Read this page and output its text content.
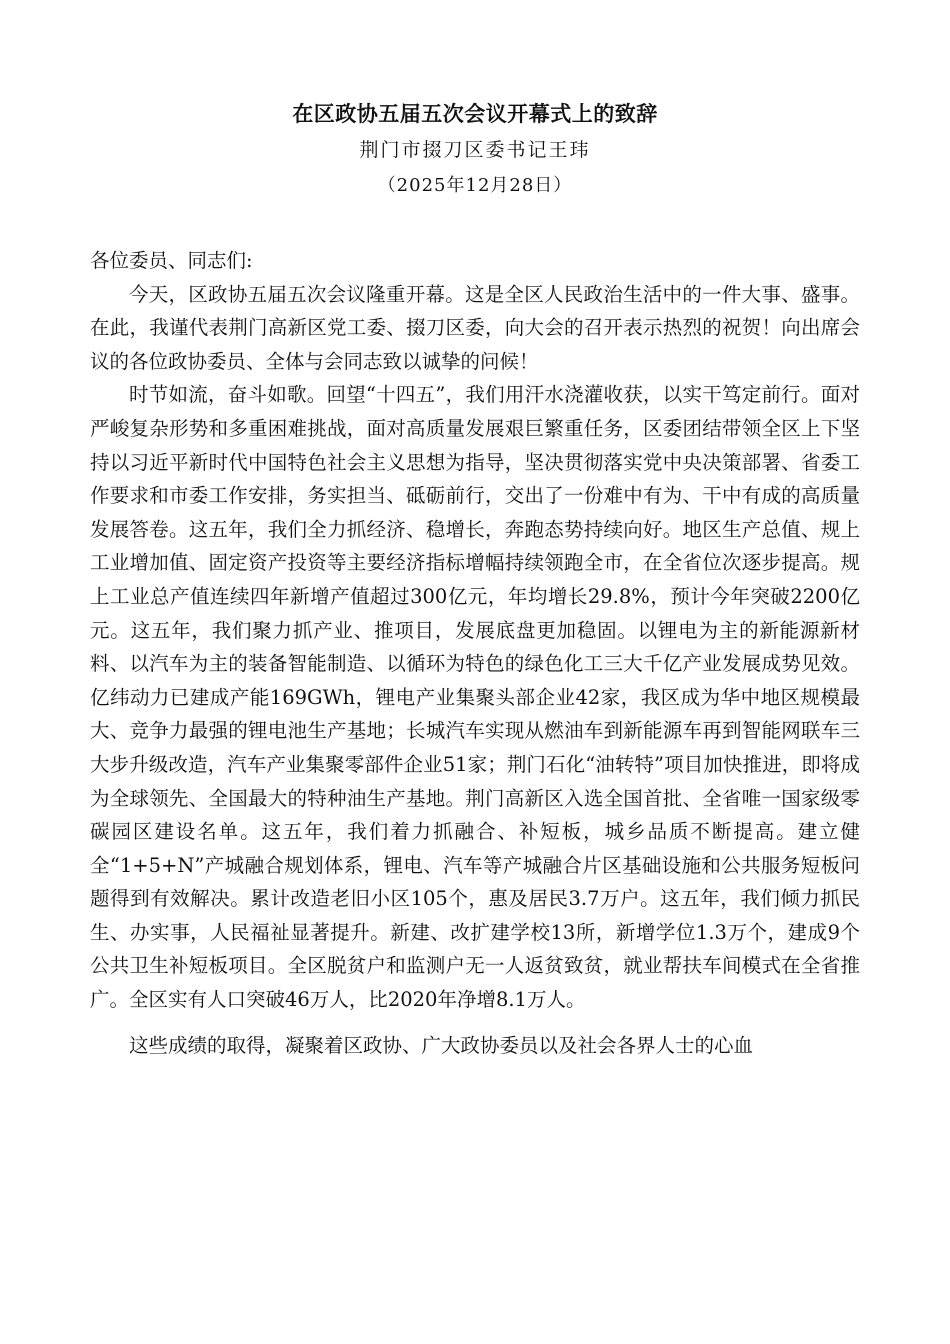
在区政协五届五次会议开幕式上的致辞
荆门市掇刀区委书记王玮
（2025年12月28日）

各位委员、同志们:

今天，区政协五届五次会议隆重开幕。这是全区人民政治生活中的一件大事、盛事。在此，我谨代表荆门高新区党工委、掇刀区委，向大会的召开表示热烈的祝贺！向出席会议的各位政协委员、全体与会同志致以诚挚的问候！

时节如流，奋斗如歌。回望“十四五”，我们用汗水浇灌收获，以实干笃定前行。面对严峻复杂形势和多重困难挑战，面对高质量发展艰巨繁重任务，区委团结带领全区上下坚持以习近平新时代中国特色社会主义思想为指导，坚决贯彻落实党中央决策部署、省委工作要求和市委工作安排，务实担当、砥砺前行，交出了一份难中有为、干中有成的高质量发展答卷。这五年，我们全力抓经济、稳增长，奔跑态势持续向好。地区生产总值、规上工业增加值、固定资产投资等主要经济指标增幅持续领跑全市，在全省位次逐步提高。规上工业总产值连续四年新增产值超过300亿元，年均增长29.8%，预计今年突破2200亿元。这五年，我们聚力抓产业、推项目，发展底盘更加稳固。以锂电为主的新能源新材料、以汽车为主的装备智能制造、以循环为特色的绿色化工三大千亿产业发展成势见效。亿纬动力已建成产能169GWh，锂电产业集聚头部企业42家，我区成为华中地区规模最大、竞争力最强的锂电池生产基地；长城汽车实现从燃油车到新能源车再到智能网联车三大步升级改造，汽车产业集聚零部件企业51家；荆门石化“油转特”项目加快推进，即将成为全球领先、全国最大的特种油生产基地。荆门高新区入选全国首批、全省唯一国家级零碳园区建设名单。这五年，我们着力抓融合、补短板，城乡品质不断提高。建立健全“1+5+N”产城融合规划体系，锂电、汽车等产城融合片区基础设施和公共服务短板问题得到有效解决。累计改造老旧小区105个，惠及居民3.7万户。这五年，我们倾力抓民生、办实事，人民福祉显著提升。新建、改扩建学校13所，新增学位1.3万个，建成9个公共卫生补短板项目。全区脱贫户和监测户无一人返贫致贫，就业帮扶车间模式在全省推广。全区实有人口突破46万人，比2020年净增8.1万人。

这些成绩的取得，凝聚着区政协、广大政协委员以及社会各界人士的心血
